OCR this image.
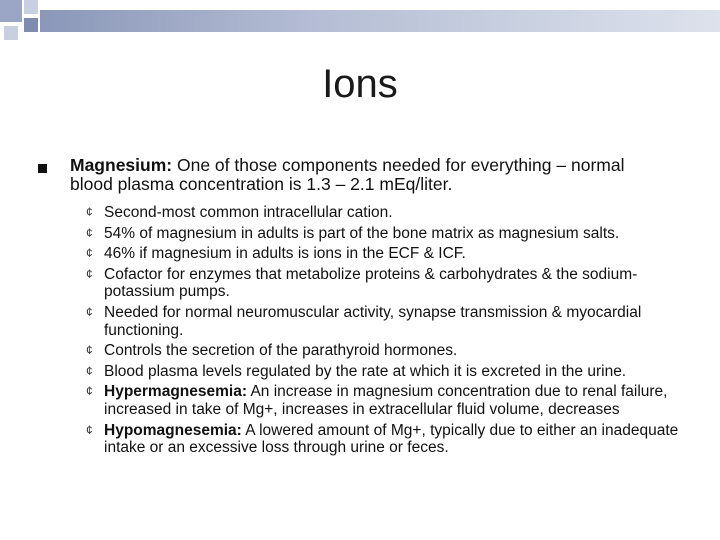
Ions
Magnesium: One of those components needed for everything – normal blood plasma concentration is 1.3 – 2.1 mEq/liter.
¢ Second-most common intracellular cation.
¢ 54% of magnesium in adults is part of the bone matrix as magnesium salts.
¢ 46% if magnesium in adults is ions in the ECF & ICF.
¢ Cofactor for enzymes that metabolize proteins & carbohydrates & the sodium-potassium pumps.
¢ Needed for normal neuromuscular activity, synapse transmission & myocardial functioning.
¢ Controls the secretion of the parathyroid hormones.
¢ Blood plasma levels regulated by the rate at which it is excreted in the urine.
¢ Hypermagnesemia: An increase in magnesium concentration due to renal failure, increased in take of Mg+, increases in extracellular fluid volume, decreases
¢ Hypomagnesemia: A lowered amount of Mg+, typically due to either an inadequate intake or an excessive loss through urine or feces.
